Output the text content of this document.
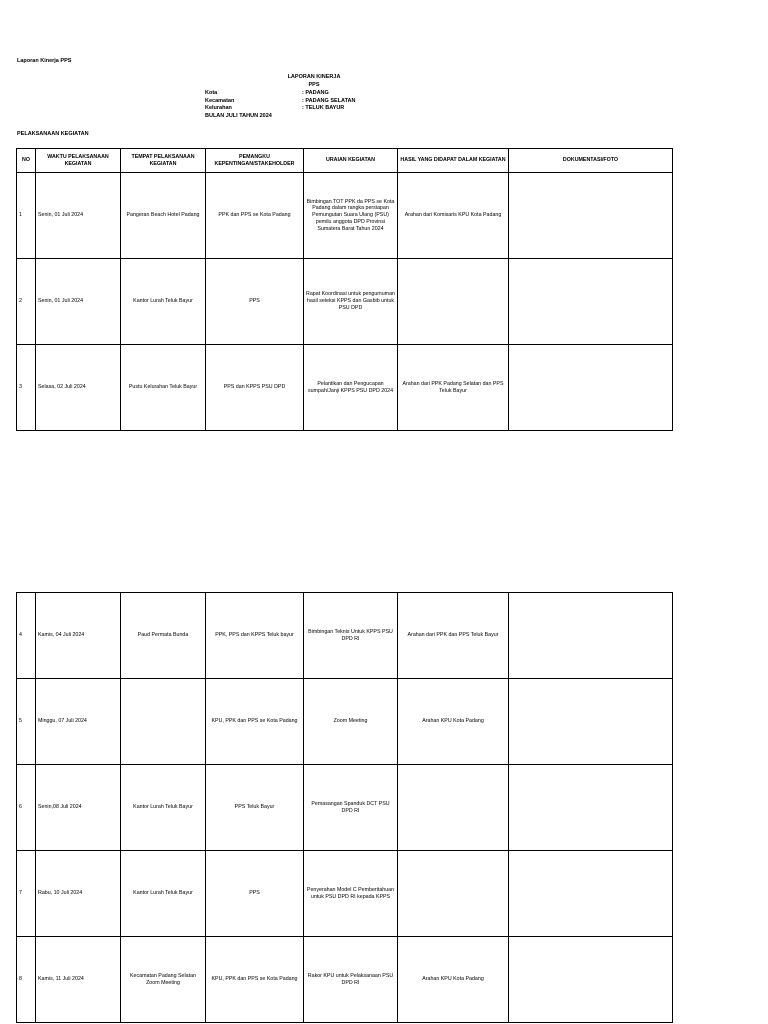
Laporan Kinerja PPS
LAPORAN KINERJA
PPS
Kota	: PADANG
Kecamatan	: PADANG SELATAN
Kelurahan	: TELUK BAYUR
BULAN JULI TAHUN 2024
PELAKSANAAN KEGIATAN
NO	WAKTU PELAKSANAAN KEGIATAN	TEMPAT PELAKSANAAN KEGIATAN	PEMANGKU KEPENTINGAN/STAKEHOLDER	URAIAN KEGIATAN	HASIL YANG DIDAPAT DALAM KEGIATAN	DOKUMENTASI/FOTO
1	Senin, 01 Juli 2024	Pangeran Beach Hotel Padang	PPK dan PPS se Kota Padang	Bimbingan TOT PPK da PPS se Kota Padang dalam rangka persiapan Pemungutan Suara Ulang (PSU) pemilu anggota DPD Provinsi Sumatera Barat Tahun 2024	Arahan dari Komisaris KPU Kota Padang	

2	Senin, 01 Juli 2024	Kantor Lurah Teluk Bayur	PPS	Rapat Koordinasi untuk pengumuman hasil seleksi KPPS dan Gasbib untuk PSU DPD		

3	Selasa, 02 Juli 2024	Pustu Kelurahan Teluk Bayur	PPS dan KPPS PSU DPD	Pelantikan dan Pengucapan sumpah/Janji KPPS PSU DPD 2024	Arahan dari PPK Padang Selatan dan PPS Teluk Bayur	
4	Kamis, 04 Juli 2024	Paud Permata Bunda	PPK, PPS dan KPPS Teluk bayur	Bimbingan Teknis Untuk KPPS PSU DPD RI	Arahan dari PPK dan PPS Teluk Bayur	

5	Minggu, 07 Juli 2024		KPU, PPK dan PPS se Kota Padang	Zoom Meeting	Arahan KPU Kota Padang	

6	Senin,08 Juli 2024	Kantor Lurah Teluk Bayur	PPS Teluk Bayur	Pemasangan Spanduk DCT PSU DPD RI		

7	Rabu, 10 Juli 2024	Kantor Lurah Teluk Bayur	PPS	Penyerahan Model C Pemberitahuan untuk PSU DPD RI kepada KPPS		

8	Kamis, 11 Juli 2024	Kecamatan Padang Selatan Zoom Meeting	KPU, PPK dan PPS se Kota Padang	Rakor KPU untuk Pelaksanaan PSU DPD RI	Arahan KPU Kota Padang	
